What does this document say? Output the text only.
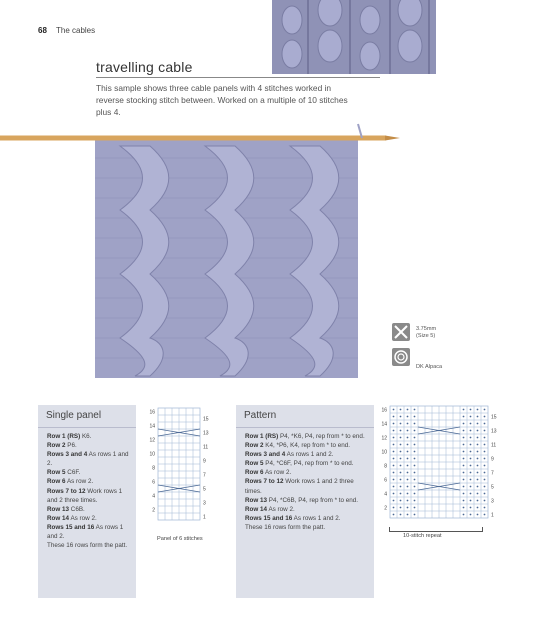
68 The cables
travelling cable
This sample shows three cable panels with 4 stitches worked in reverse stocking stitch between. Worked on a multiple of 10 stitches plus 4.
3.75mm
(Size 5)
DK Alpaca
Single panel

Row 1 (RS) K6.

Row 2 P6.

Rows 3 and 4 As rows 1 and 2.

Row 5 C6F.

Row 6 As row 2.

Rows 7 to 12 Work rows 1 and 2 three times.

Row 13 C6B.

Row 14 As row 2.

Rows 15 and 16 As rows 1 and 2.

These 16 rows form the patt.

16
14
12
10
8
6
4
2
15
13
11
9
7
5
3
1
Panel of 6 stitches
Pattern

Row 1 (RS) P4, *K6, P4, rep from * to end.

Row 2 K4, *P6, K4, rep from * to end.

Rows 3 and 4 As rows 1 and 2.

Row 5 P4, *C6F, P4, rep from * to end.

Row 6 As row 2.

Rows 7 to 12 Work rows 1 and 2 three times.

Row 13 P4, *C6B, P4, rep from * to end.

Row 14 As row 2.

Rows 15 and 16 As rows 1 and 2.

These 16 rows form the patt.

16
14
12
10
8
6
4
2
15
13
11
9
7
5
3
1
10-stitch repeat
